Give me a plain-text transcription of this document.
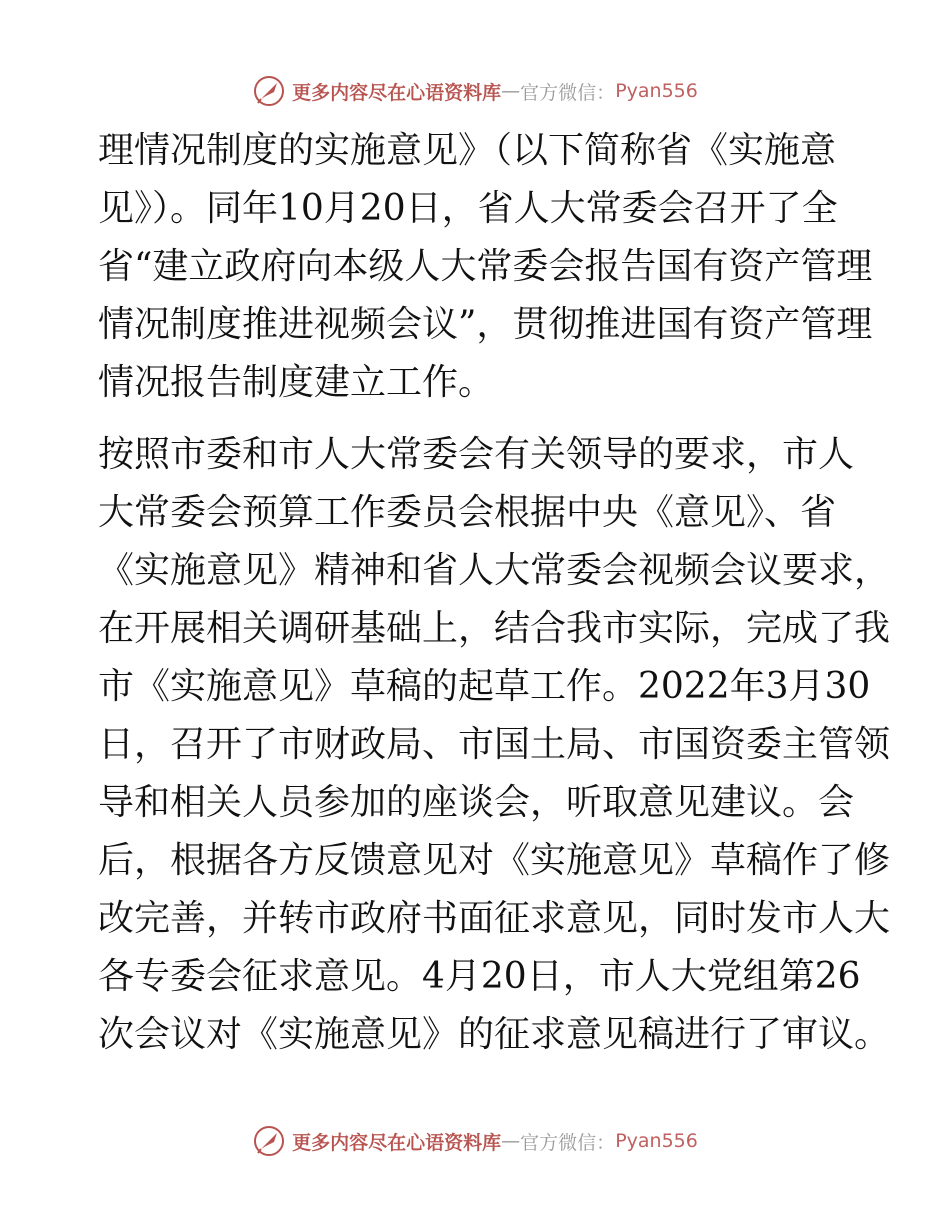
更多内容尽在心语资料库 — 官方微信： Pyan556
理情况制度的实施意见》（以下简称省《实施意
见》）。同年10月20日，省人大常委会召开了全
省“建立政府向本级人大常委会报告国有资产管理
情况制度推进视频会议”，贯彻推进国有资产管理
情况报告制度建立工作。
按照市委和市人大常委会有关领导的要求，市人
大常委会预算工作委员会根据中央《意见》、省
《实施意见》精神和省人大常委会视频会议要求，
在开展相关调研基础上，结合我市实际，完成了我
市《实施意见》草稿的起草工作。2022年3月30
日，召开了市财政局、市国土局、市国资委主管领
导和相关人员参加的座谈会，听取意见建议。会
后，根据各方反馈意见对《实施意见》草稿作了修
改完善，并转市政府书面征求意见，同时发市人大
各专委会征求意见。4月20日，市人大党组第26
次会议对《实施意见》的征求意见稿进行了审议。
更多内容尽在心语资料库 — 官方微信： Pyan556
